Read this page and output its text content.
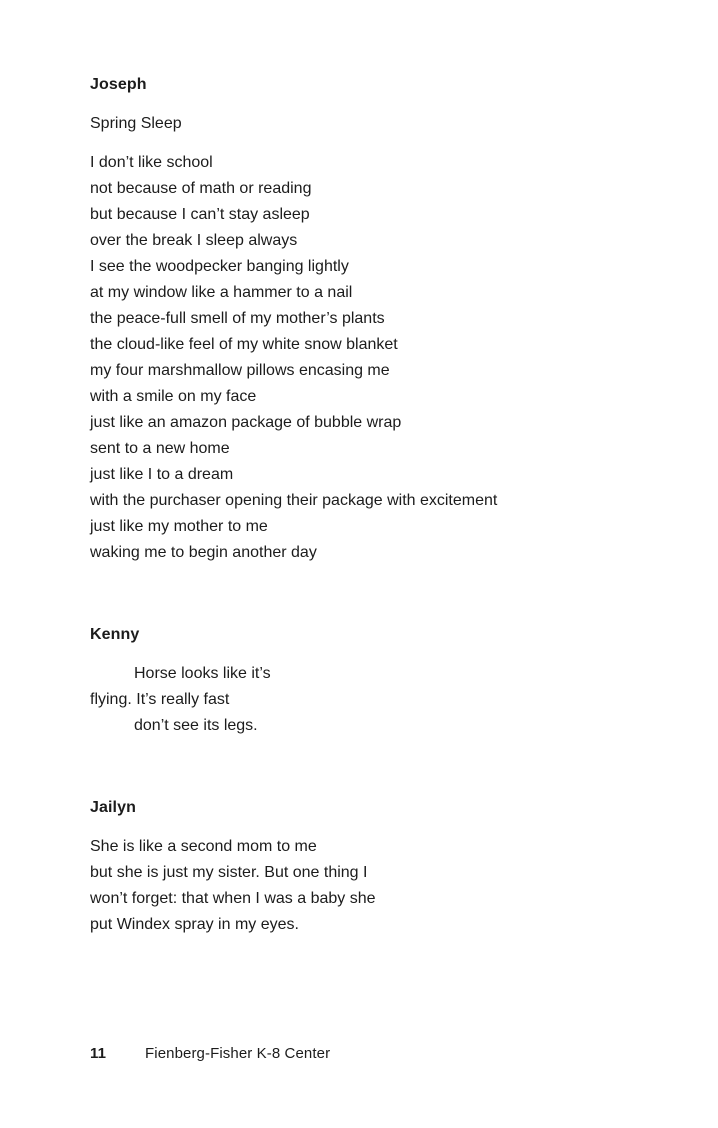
Joseph

Spring Sleep

I don’t like school
not because of math or reading
but because I can’t stay asleep
over the break I sleep always
I see the woodpecker banging lightly
at my window like a hammer to a nail
the peace-full smell of my mother’s plants
the cloud-like feel of my white snow blanket
my four marshmallow pillows encasing me
with a smile on my face
just like an amazon package of bubble wrap
sent to a new home
just like I to a dream
with the purchaser opening their package with excitement
just like my mother to me
waking me to begin another day
Kenny
Horse looks like it’s
flying. It’s really fast
don’t see its legs.
Jailyn
She is like a second mom to me
but she is just my sister. But one thing I
won’t forget: that when I was a baby she
put Windex spray in my eyes.
11	Fienberg-Fisher K-8 Center
